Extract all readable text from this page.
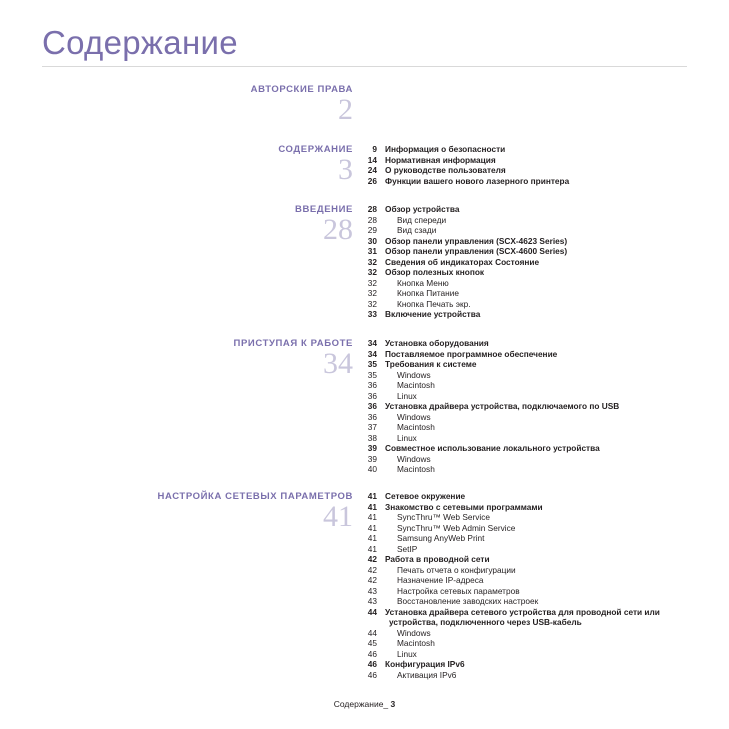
Содержание
АВТОРСКИЕ ПРАВА
2
СОДЕРЖАНИЕ
3
9 Информация о безопасности
14 Нормативная информация
24 О руководстве пользователя
26 Функции вашего нового лазерного принтера
ВВЕДЕНИЕ
28
28 Обзор устройства
28 Вид спереди
29 Вид сзади
30 Обзор панели управления (SCX-4623 Series)
31 Обзор панели управления (SCX-4600 Series)
32 Сведения об индикаторах Состояние
32 Обзор полезных кнопок
32 Кнопка Меню
32 Кнопка Питание
32 Кнопка Печать экр.
33 Включение устройства
ПРИСТУПАЯ К РАБОТЕ
34
34 Установка оборудования
34 Поставляемое программное обеспечение
35 Требования к системе
35 Windows
36 Macintosh
36 Linux
36 Установка драйвера устройства, подключаемого по USB
36 Windows
37 Macintosh
38 Linux
39 Совместное использование локального устройства
39 Windows
40 Macintosh
НАСТРОЙКА СЕТЕВЫХ ПАРАМЕТРОВ
41
41 Сетевое окружение
41 Знакомство с сетевыми программами
41 SyncThru™ Web Service
41 SyncThru™ Web Admin Service
41 Samsung AnyWeb Print
41 SetIP
42 Работа в проводной сети
42 Печать отчета о конфигурации
42 Назначение IP-адреса
43 Настройка сетевых параметров
43 Восстановление заводских настроек
44 Установка драйвера сетевого устройства для проводной сети или
устройства, подключенного через USB-кабель
44 Windows
45 Macintosh
46 Linux
46 Конфигурация IPv6
46 Активация IPv6
Содержание_ 3
